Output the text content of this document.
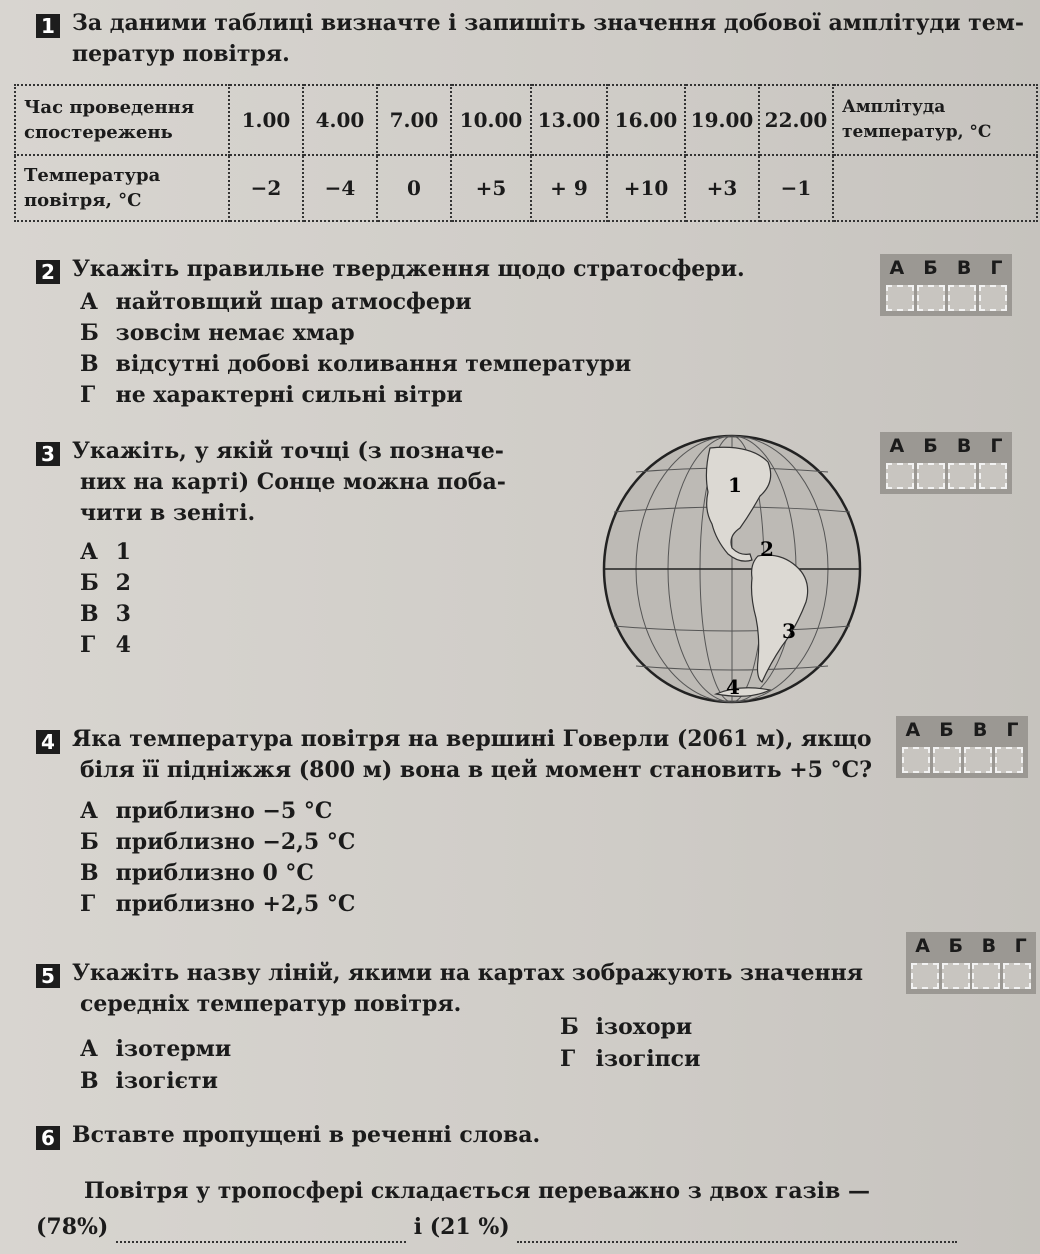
1 За даними таблиці визначте і запишіть значення добової амплітуди тем-
ператур повітря.
Час проведення спостережень	1.00	4.00	7.00	10.00	13.00	16.00	19.00	22.00	Амплітуда температур, °C
Температура повітря, °C	−2	−4	0	+5	+ 9	+10	+3	−1	
2 Укажіть правильне твердження щодо стратосфери.
А найтовщий шар атмосфери
Б зовсім немає хмар
В відсутні добові коливання температури
Г не характерні сильні вітри
А Б В Г
3 Укажіть, у якій точці (з позначе-
них на карті) Сонце можна поба-
чити в зеніті.
А 1
Б 2
В 3
Г 4
А Б В Г
1
2
3
4
4 Яка температура повітря на вершині Говерли (2061 м), якщо
біля її підніжжя (800 м) вона в цей момент становить +5 °C?
А приблизно −5 °C
Б приблизно −2,5 °C
В приблизно 0 °C
Г приблизно +2,5 °C
А Б В Г
5 Укажіть назву ліній, якими на картах зображують значення
середніх температур повітря.
А ізотерми
В ізогієти
Б ізохори
Г ізогіпси
А Б В Г
6 Вставте пропущені в реченні слова.
Повітря у тропосфері складається переважно з двох газів —
(78%)	і (21 %)
